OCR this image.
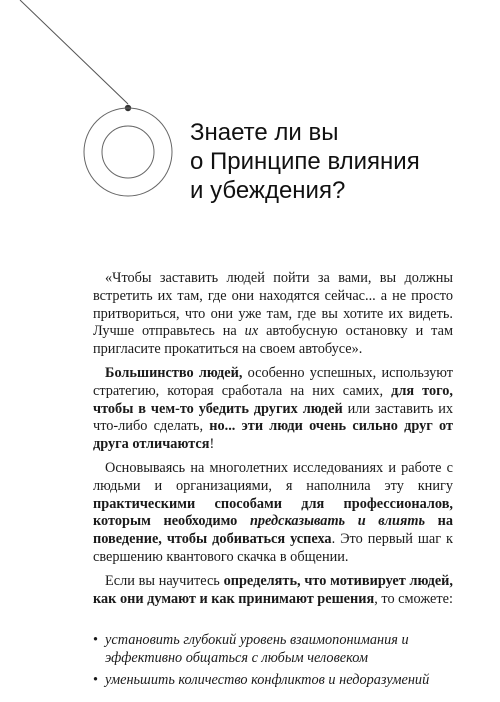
Знаете ли вы
о Принципе влияния
и убеждения?

«Чтобы заставить людей пойти за вами, вы должны встретить их там, где они находятся сейчас... а не просто притвориться, что они уже там, где вы хотите их видеть. Лучше отправьтесь на их автобусную остановку и там пригласите прокатиться на своем автобусе».

Большинство людей, особенно успешных, используют стратегию, которая сработала на них самих, для того, чтобы в чем-то убедить других людей или заставить их что-либо сделать, но... эти люди очень сильно друг от друга отличаются!

Основываясь на многолетних исследованиях и работе с людьми и организациями, я наполнила эту книгу практическими способами для профессионалов, которым необходимо предсказывать и влиять на поведение, чтобы добиваться успеха. Это первый шаг к свершению квантового скачка в общении.

Если вы научитесь определять, что мотивирует людей, как они думают и как принимают решения, то сможете:

• установить глубокий уровень взаимопонимания и эффективно общаться с любым человеком
• уменьшить количество конфликтов и недоразумений
